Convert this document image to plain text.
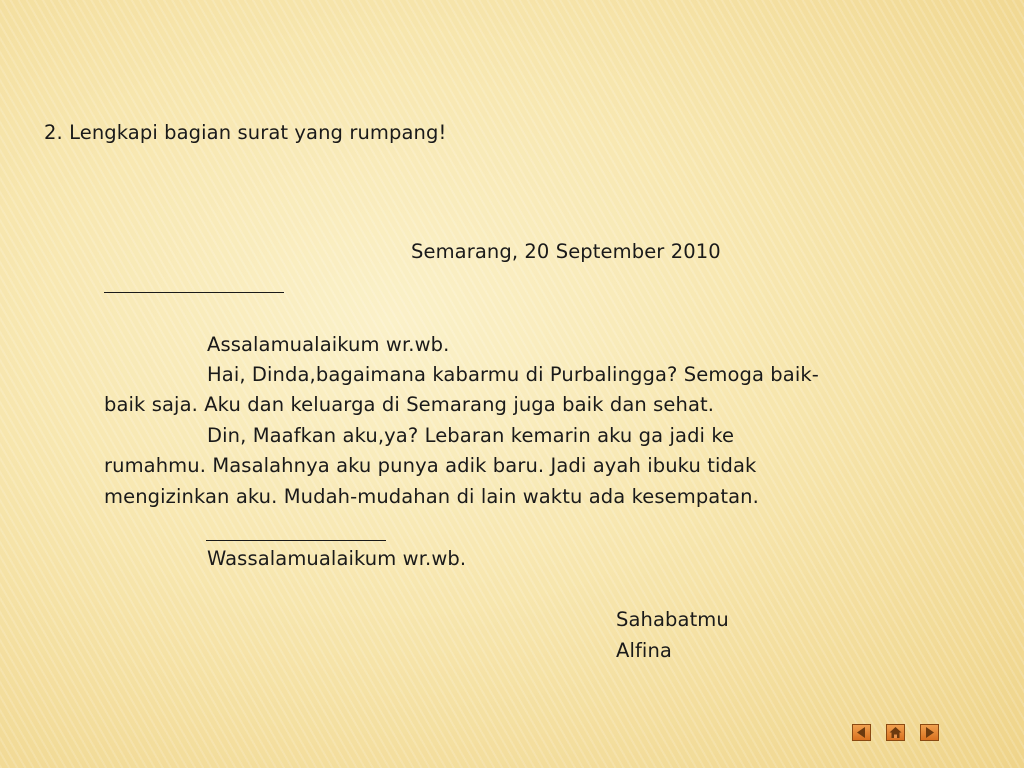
2. Lengkapi bagian surat yang rumpang!
Semarang, 20 September 2010
Assalamualaikum wr.wb.
Hai, Dinda,bagaimana kabarmu di Purbalingga? Semoga baik-
baik saja. Aku dan keluarga di Semarang juga baik dan sehat.
Din, Maafkan aku,ya? Lebaran kemarin aku ga jadi ke
rumahmu. Masalahnya aku punya adik baru. Jadi ayah ibuku tidak
mengizinkan aku. Mudah-mudahan di lain waktu ada kesempatan.
Wassalamualaikum wr.wb.
Sahabatmu
Alfina
